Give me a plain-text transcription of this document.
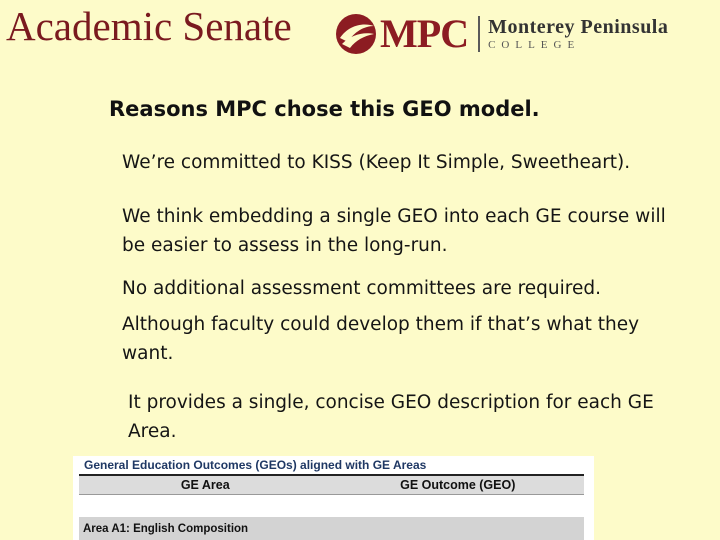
Academic Senate MPC Monterey Peninsula
COLLEGE
Reasons MPC chose this GEO model.
We’re committed to KISS (Keep It Simple, Sweetheart).
We think embedding a single GEO into each GE course will be easier to assess in the long-run.
No additional assessment committees are required.
Although faculty could develop them if that’s what they want.
It provides a single, concise GEO description for each GE Area.
General Education Outcomes (GEOs) aligned with GE Areas
GE Area	GE Outcome (GEO)

Area A1: English Composition
